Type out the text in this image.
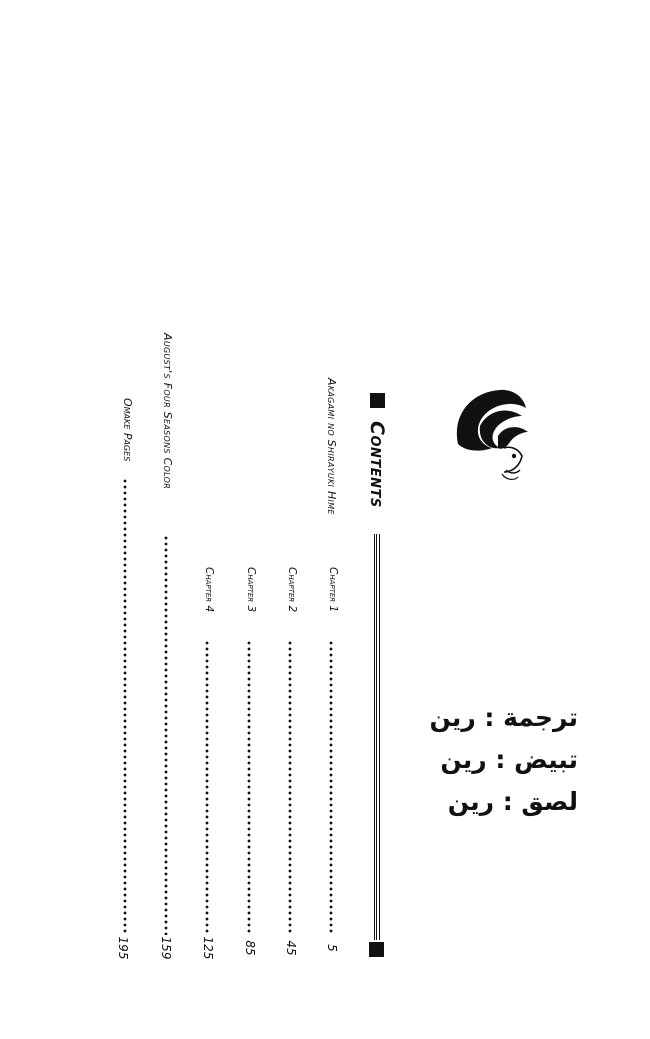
Contents
Akagami no Shirayuki Hime
Chapter 1
5
Chapter 2
45
Chapter 3
85
Chapter 4
125
August's Four Seasons Color
159
Omake Pages
195
ترجمة : رين
تبيض : رين
لصق : رين
